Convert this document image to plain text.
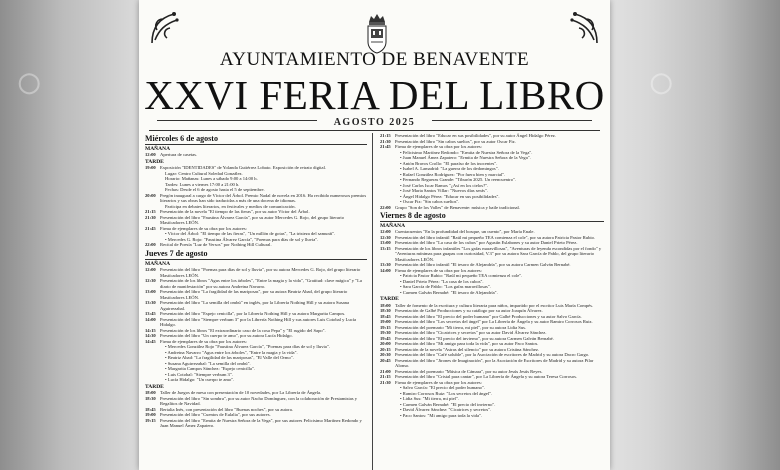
◯	◯
AYUNTAMIENTO DE BENAVENTE
XXVI FERIA DEL LIBRO
AGOSTO 2025
Miércoles 6 de agosto
MAÑANA
12:00 Apertura de casetas.
TARDE
19:00 Exposición "IDENTIDADES" de Yolanda Gutiérrez Lobato. Exposición de retrato digital.
Lugar: Centro Cultural Soledad González.
Horario: Mañanas: Lunes a sábado 9:00 a 14:00 h.
Tardes: Lunes a viernes 17:00 a 21:00 h.
Fechas: Desde el 6 de agosto hasta el 5 de septiembre.
20:00 Pregón inaugural a cargo de Víctor del Árbol. Premio Nadal de novela en 2016. Ha recibido numerosos premios literarios y sus obras han sido traducidas a más de una docena de idiomas.
Participa en debates literarios, en festivales y medios de comunicación.
21:15 Presentación de la novela "El tiempo de las fieras", por su autor Víctor del Árbol.
21:30 Presentación del libro "Faustina Álvarez García", por su autor Mercedes G. Rojo, del grupo literario Mastícadores LEÓN.
21:45 Firma de ejemplares de su obra por los autores:
• Víctor del Árbol: "El tiempo de las fieras", "Un millón de gotas", "La tristeza del samurái".
• Mercedes G. Rojo: "Faustina Álvarez García", "Poemas para días de sol y lluvia".
22:00 Recital de Poesía "Luz de Versos" por Nothing Hill Cultural.
Jueves 7 de agosto
MAÑANA
12:00 Presentación del libro "Poemas para días de sol y lluvia", por su autora Mercedes G. Rojo, del grupo literario Mastícadores LEÓN.
12:30 Presentación de los libros "Agus entre los árboles", "Entre la magia y la vida", "Gratitud: clave mágica" y "La diario de manifestación" por su autora Andreina Navarro.
13:00 Presentación del libro "La fragilidad de las mariposas", por su autora Beatriz Abad, del grupo literario Mastícadores LEÓN.
13:30 Presentación del libro "La semilla del ombú" en inglés, por la Librería Nothing Hill y su autora Susana Aguirrezabal.
13:45 Presentación del libro "Espejo cenicilla", por la Librería Nothing Hill y su autora Margarita Campos.
14:00 Presentación del libro "Siempre verbum 3" por la Librería Nothing Hill y sus autores Luis Cotobal y Lucía Hidalgo.
14:15 Presentación de los libros "El extraordinario caso de la cosa Pepa" y "El rugido del Sapo".
14:30 Presentación del libro "Un cuerpo te amo", por su autora Lucía Hidalgo.
14:45 Firma de ejemplares de su obra por los autores:
• Mercedes González Rojo "Faustina Álvarez García", "Poemas para días de sol y lluvia".
• Andreina Navarro "Agus entre los árboles", "Entre la magia y la vida".
• Beatriz Abad: "La fragilidad de las mariposas", "El Valle del Ormo".
• Susana Aguirrezabal: "La semilla del ombú".
• Margarita Campos Sánchez: "Espejo cenicilla".
• Luis Cotobal: "Siempre verbum 3".
• Lucía Hidalgo: "Un cuerpo te amo".
TARDE
18:00 Taller de Juegos de mesa con presentación de 10 novedades, por La Librería de Ángela.
18:30 Presentación del libro "Sin sombra", por su autor Nacho Domínguez, con la colaboración de Prestamistas y Regalitos de Navidad.
18:45 Bertalia Inés, con presentación del libro "Buenas noches", por su autora.
19:00 Presentación del libro "Cuentos de Eulalia", por sus autores.
19:15 Presentación del libro "Ermita de Nuestra Señora de la Vega", por sus autores Felicisimo Martínez Redondo y Juan Manuel Ámez Zapatero.
21:15 Presentación del libro "Educar en sus posibilidades", por su autor Ángel Hidalgo Pérez.
21:30 Presentación del libro "Sin cabos sueltos", por su autor Oscar Fiz.
21:45 Firma de ejemplares de su obra por los autores:
• Felicisimo Martínez Redondo: "Ermita de Nuestra Señora de la Vega".
• Juan Manuel Ámez Zapatero: "Ermita de Nuestra Señora de la Vega".
• Antón Bravos Crollo: "El paraíso de los inocentes".
• Isabel A. Lamadrid: "La guerra de los dedomingos".
• Rafael González Rodríguez: "Por fuera bien y marcial".
• Fernando Regueras Grande: "Tiburón 2025. Un reencuentro".
• José Carlos Iscar Ramos "¿Así en los cielos?".
• José Maria Santos Villar: "Nuevos días serás".
• Ángel Hidalgo Pérez: "Educar en sus posibilidades".
• Oscar Fiz: "Sin cabos sueltos".
22:00 Grupo "Son de los Valles" de Benavente: música y baile tradicional.
Viernes 8 de agosto
MAÑANA
12:00 Cuentacuentos "En la profundidad del bosque, un cuento", por María Enale.
12:30 Presentación del libro infantil "Raúl mi pequeño TEA comienza el cole", por su autora Patricia Pastor Rubio.
13:00 Presentación del libro "La casa de los cubos" por Agustín Eslabones y su autor Daniel Prieto Pérez.
13:15 Presentación de los libros infantiles "Los gafas maravillosas", "Aventuras de leyenda escondidas por el fondo" y "Aventuras mínimas para guapas con curiosidad, V.3" por su autora Sara García de Pablo, del grupo literario Mastícadores LEÓN.
13:30 Presentación del libro infantil "El tesoro de Alejandría", por su autora Carmen Galván Bernabé.
14:00 Firma de ejemplares de su obra por los autores:
• Patricia Pastor Rubio: "Raúl mi pequeño TEA comienza el cole".
• Daniel Prieto Pérez: "La casa de los cubos".
• Sara García de Pablo: "Los gafas maravillosas".
• Carmen Galván Bernabé: "El tesoro de Alejandría".
TARDE
18:00 Taller de fomento de la escritura y cultura literaria para niños, impartido por el escritor Luis María Compés.
18:30 Presentación de Galbé Producciones y su catálogo por su autor Joaquín Álvarez.
18:45 Presentación del libro "El precio del poder humano" por Galbé Producciones y su autor Salvo García.
19:00 Presentación del libro "Los secretos del ángel" por La Librería de Ángela y su autor Ramiro Corrosos Ruiz.
19:15 Presentación del poemario "Mi tierra, mi piel", por su autora Lidia Sus.
19:30 Presentación del libro "Cicatrices y secretos" por su autor David Álvarez Sánchez.
19:45 Presentación del libro "El precio del invierno", por su autora Carmen Galván Bernabé.
20:00 Presentación del libro "Mi amigo para toda la vida", por su autor Paco Santos.
20:15 Presentación de la novela "Astras del silencio" por su autora Cristina Sánchez.
20:30 Presentación del libro "Café soluble", por la Asociación de escritores de Madrid y su autora Dacro Gargo.
20:45 Presentación del libro "Jirones de Imaginación", por la Asociación de Escritores de Madrid y su autora Pilar Alonso.
21:00 Presentación del poemario "Música de Cámara", por su autor Jesús Jesús Reyes.
21:15 Presentación del libro "Cristal para cantar", por La Librería de Ángela y su autora Teresa Corrosos.
21:30 Firma de ejemplares de su obra por los autores:
• Salvo García: "El precio del poder humano".
• Ramiro Corrosos Ruiz: "Los secretos del ángel".
• Lidia Sus: "Mi tierra, mi piel".
• Carmen Galván Bernabé: "El precio del invierno".
• David Álvarez Sánchez: "Cicatrices y secretos".
• Paco Santos: "Mi amigo para toda la vida".
